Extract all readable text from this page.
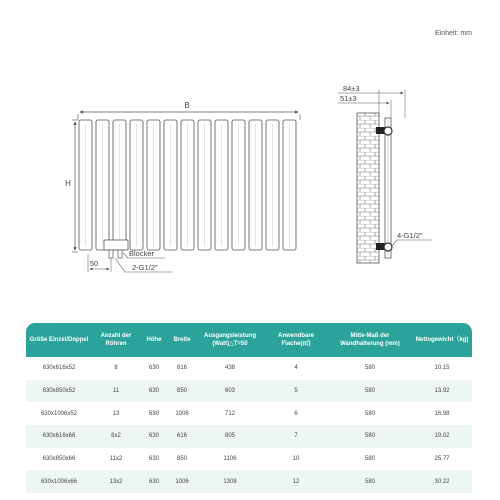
Einheit: mm
B
H
50
Blocker
2-G1/2"
84±3
51±3
4-G1/2"
Größe Einzel/Doppel	Anzahl der Röhren	Höhe	Breite	Ausgangsleistung (Watt)△T=50	Anwendbare Flache(㎡)	Mitte-Maß der Wandhalterung (mm)	Nettogewicht（kg)
630x616x52	8	630	616	438	4	580	10.15
630x850x52	11	630	850	603	5	580	13.92
630x1006x52	13	630	1006	712	6	580	16.98
630x616x66	8x2	630	616	805	7	580	19.02
630x850x66	11x2	630	850	1106	10	580	25.77
630x1006x66	13x2	630	1006	1308	12	580	30.22
